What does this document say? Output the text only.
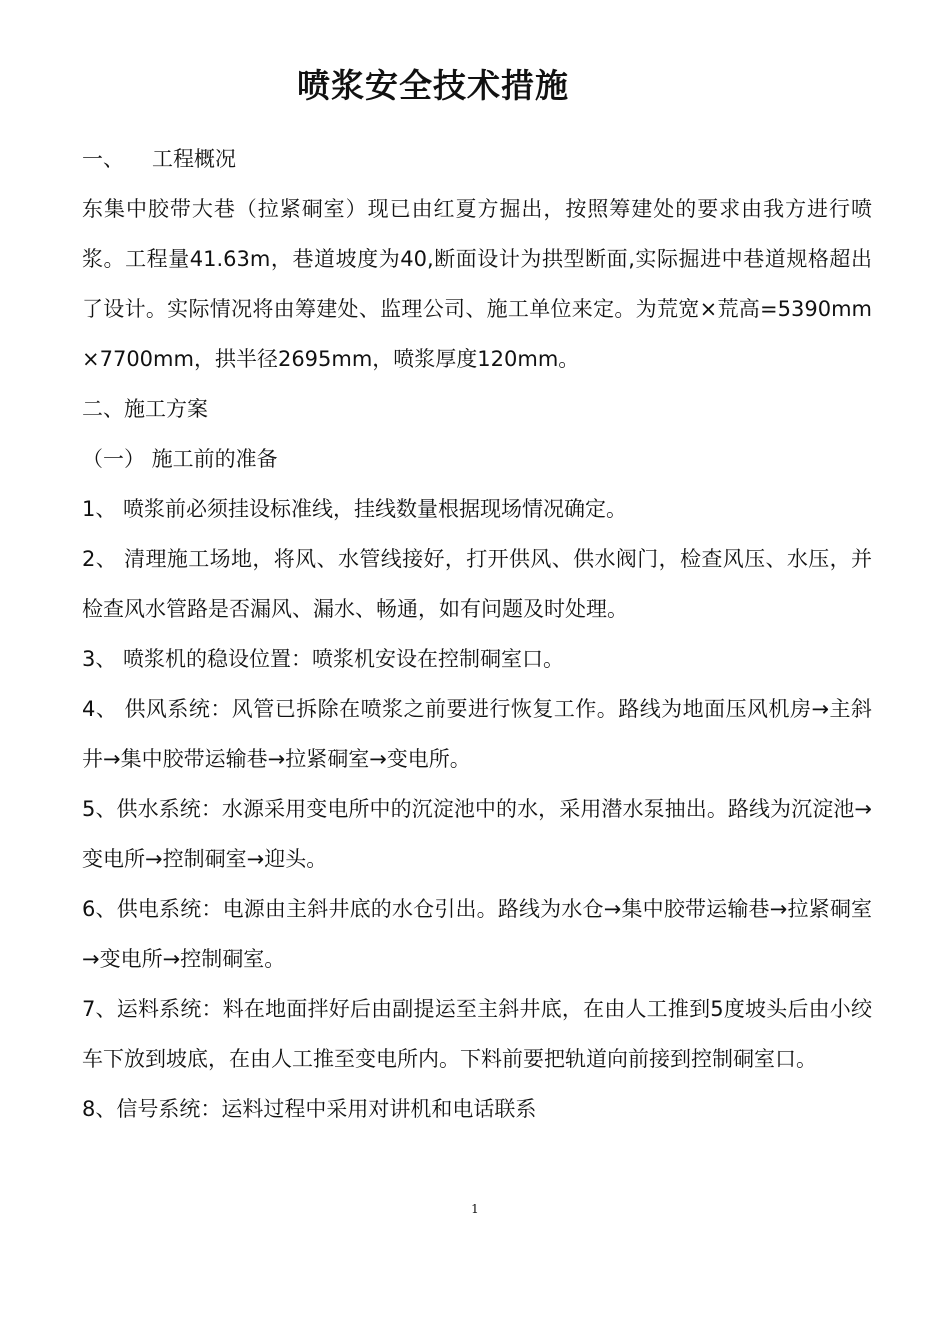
喷浆安全技术措施

一、 工程概况

东集中胶带大巷（拉紧硐室）现已由红夏方掘出，按照筹建处的要求由我方进行喷浆。工程量41.63m，巷道坡度为40,断面设计为拱型断面,实际掘进中巷道规格超出了设计。实际情况将由筹建处、监理公司、施工单位来定。为荒宽×荒高=5390mm×7700mm，拱半径2695mm，喷浆厚度120mm。

二、施工方案

（一） 施工前的准备

1、 喷浆前必须挂设标准线，挂线数量根据现场情况确定。

2、 清理施工场地，将风、水管线接好，打开供风、供水阀门，检查风压、水压，并检查风水管路是否漏风、漏水、畅通，如有问题及时处理。

3、 喷浆机的稳设位置：喷浆机安设在控制硐室口。

4、 供风系统：风管已拆除在喷浆之前要进行恢复工作。路线为地面压风机房→主斜井→集中胶带运输巷→拉紧硐室→变电所。

5、供水系统：水源采用变电所中的沉淀池中的水，采用潜水泵抽出。路线为沉淀池→变电所→控制硐室→迎头。

6、供电系统：电源由主斜井底的水仓引出。路线为水仓→集中胶带运输巷→拉紧硐室→变电所→控制硐室。

7、运料系统：料在地面拌好后由副提运至主斜井底，在由人工推到5度坡头后由小绞车下放到坡底，在由人工推至变电所内。下料前要把轨道向前接到控制硐室口。

8、信号系统：运料过程中采用对讲机和电话联系

1
